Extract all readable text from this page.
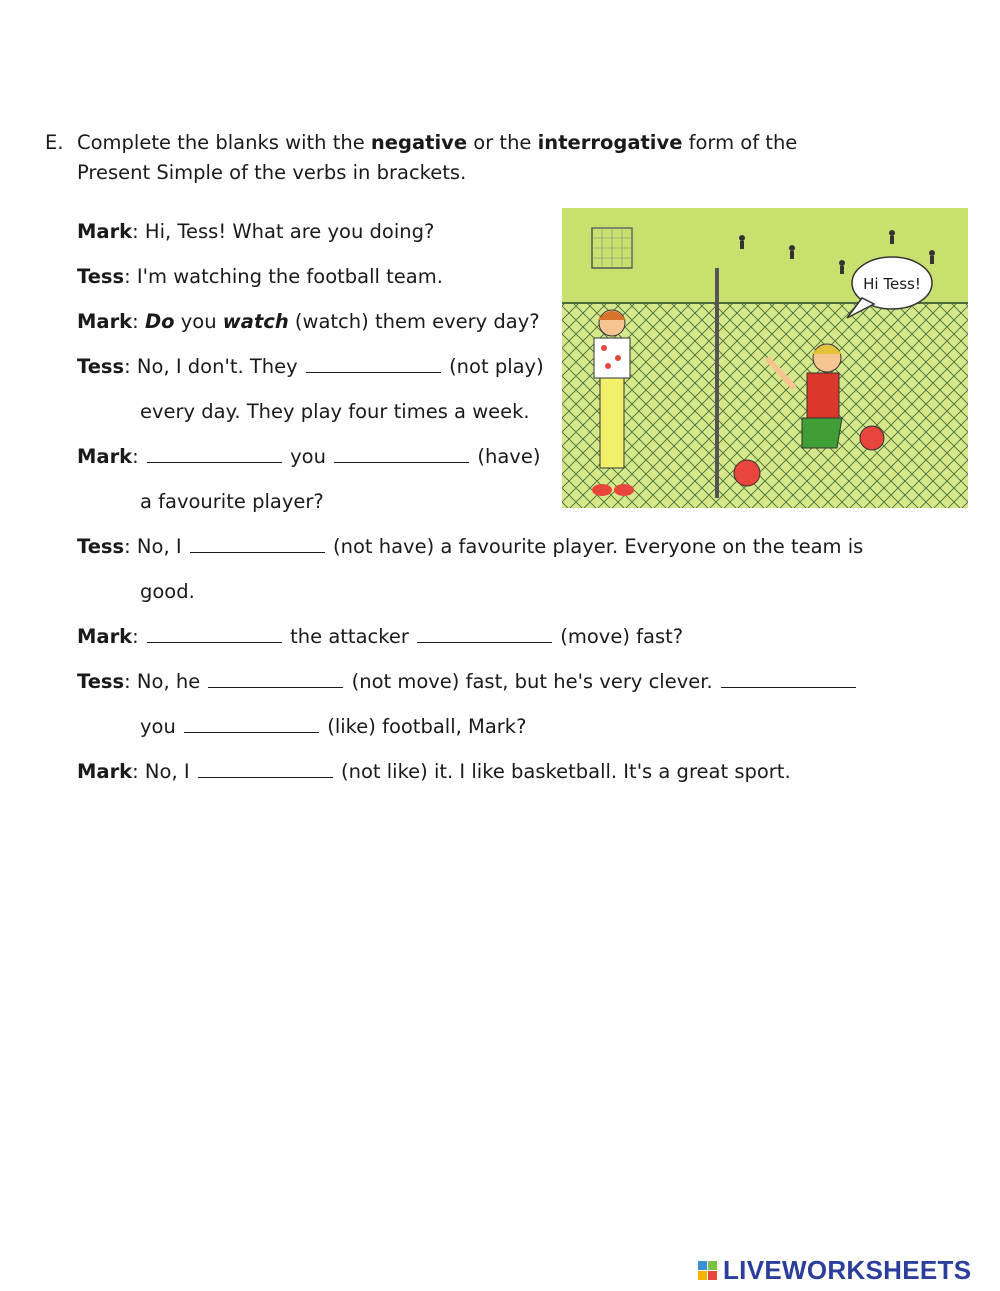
E. Complete the blanks with the negative or the interrogative form of the Present Simple of the verbs in brackets.
Mark: Hi, Tess! What are you doing?
Tess: I'm watching the football team.
Mark: Do you watch (watch) them every day?
Tess: No, I don't. They	(not play)
every day. They play four times a week.
Mark:	you	(have)
a favourite player?
Tess: No, I	(not have) a favourite player. Everyone on the team is
good.
Mark:	the attacker	(move) fast?
Tess: No, he	(not move) fast, but he's very clever.
you	(like) football, Mark?
Mark: No, I	(not like) it. I like basketball. It's a great sport.
Hi Tess!
LIVEWORKSHEETS
